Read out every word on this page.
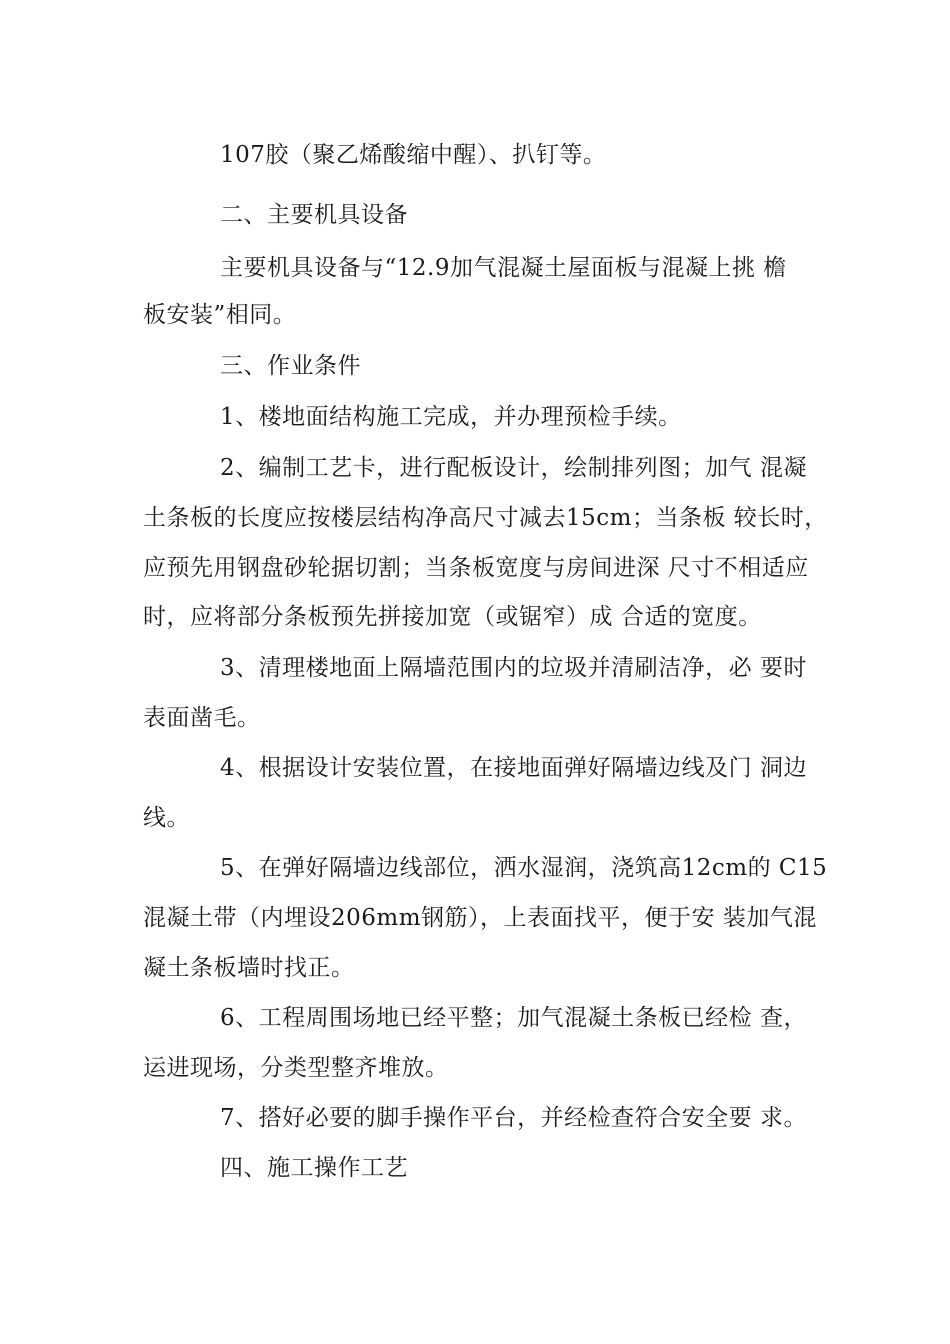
107胶（聚乙烯酸缩中醒）、扒钉等。
二、主要机具设备
主要机具设备与“12.9加气混凝土屋面板与混凝上挑 檐
板安装”相同。
三、作业条件
1、楼地面结构施工完成，并办理预检手续。
2、编制工艺卡，进行配板设计，绘制排列图；加气 混凝
土条板的长度应按楼层结构净高尺寸减去15cm；当条板 较长时，
应预先用钢盘砂轮据切割；当条板宽度与房间进深 尺寸不相适应
时，应将部分条板预先拼接加宽（或锯窄）成 合适的宽度。
3、清理楼地面上隔墙范围内的垃圾并清刷洁净，必 要时
表面凿毛。
4、根据设计安装位置，在接地面弹好隔墙边线及门 洞边
线。
5、在弹好隔墙边线部位，洒水湿润，浇筑高12cm的 C15
混凝土带（内埋设206mm钢筋），上表面找平，便于安 装加气混
凝土条板墙时找正。
6、工程周围场地已经平整；加气混凝土条板已经检 查，
运进现场，分类型整齐堆放。
7、搭好必要的脚手操作平台，并经检查符合安全要 求。
四、施工操作工艺
